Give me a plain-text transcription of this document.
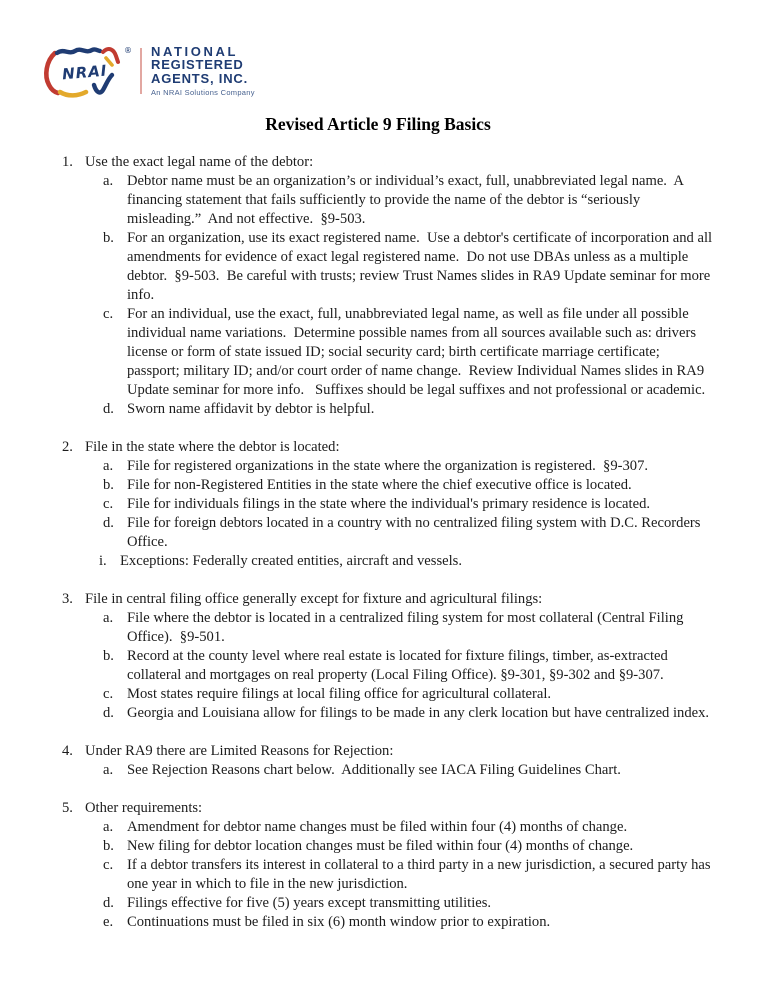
NRAI
® NATIONAL
REGISTERED
AGENTS, INC.
An NRAI Solutions Company
Revised Article 9 Filing Basics
1. Use the exact legal name of the debtor:
a. Debtor name must be an organization’s or individual’s exact, full, unabbreviated legal name.  A financing statement that fails sufficiently to provide the name of the debtor is “seriously misleading.”  And not effective.  §9-503.
b. For an organization, use its exact registered name.  Use a debtor's certificate of incorporation and all amendments for evidence of exact legal registered name.  Do not use DBAs unless as a multiple debtor.  §9-503.  Be careful with trusts; review Trust Names slides in RA9 Update seminar for more info.
c. For an individual, use the exact, full, unabbreviated legal name, as well as file under all possible individual name variations.  Determine possible names from all sources available such as: drivers license or form of state issued ID; social security card; birth certificate marriage certificate; passport; military ID; and/or court order of name change.  Review Individual Names slides in RA9 Update seminar for more info.   Suffixes should be legal suffixes and not professional or academic.
d. Sworn name affidavit by debtor is helpful.
2. File in the state where the debtor is located:
a. File for registered organizations in the state where the organization is registered.  §9-307.
b. File for non-Registered Entities in the state where the chief executive office is located.
c. File for individuals filings in the state where the individual's primary residence is located.
d. File for foreign debtors located in a country with no centralized filing system with D.C. Recorders Office.
i. Exceptions: Federally created entities, aircraft and vessels.
3. File in central filing office generally except for fixture and agricultural filings:
a. File where the debtor is located in a centralized filing system for most collateral (Central Filing Office).  §9-501.
b. Record at the county level where real estate is located for fixture filings, timber, as-extracted collateral and mortgages on real property (Local Filing Office). §9-301, §9-302 and §9-307.
c. Most states require filings at local filing office for agricultural collateral.
d. Georgia and Louisiana allow for filings to be made in any clerk location but have centralized index.
4. Under RA9 there are Limited Reasons for Rejection:
a. See Rejection Reasons chart below.  Additionally see IACA Filing Guidelines Chart.
5. Other requirements:
a. Amendment for debtor name changes must be filed within four (4) months of change.
b. New filing for debtor location changes must be filed within four (4) months of change.
c. If a debtor transfers its interest in collateral to a third party in a new jurisdiction, a secured party has one year in which to file in the new jurisdiction.
d. Filings effective for five (5) years except transmitting utilities.
e. Continuations must be filed in six (6) month window prior to expiration.
